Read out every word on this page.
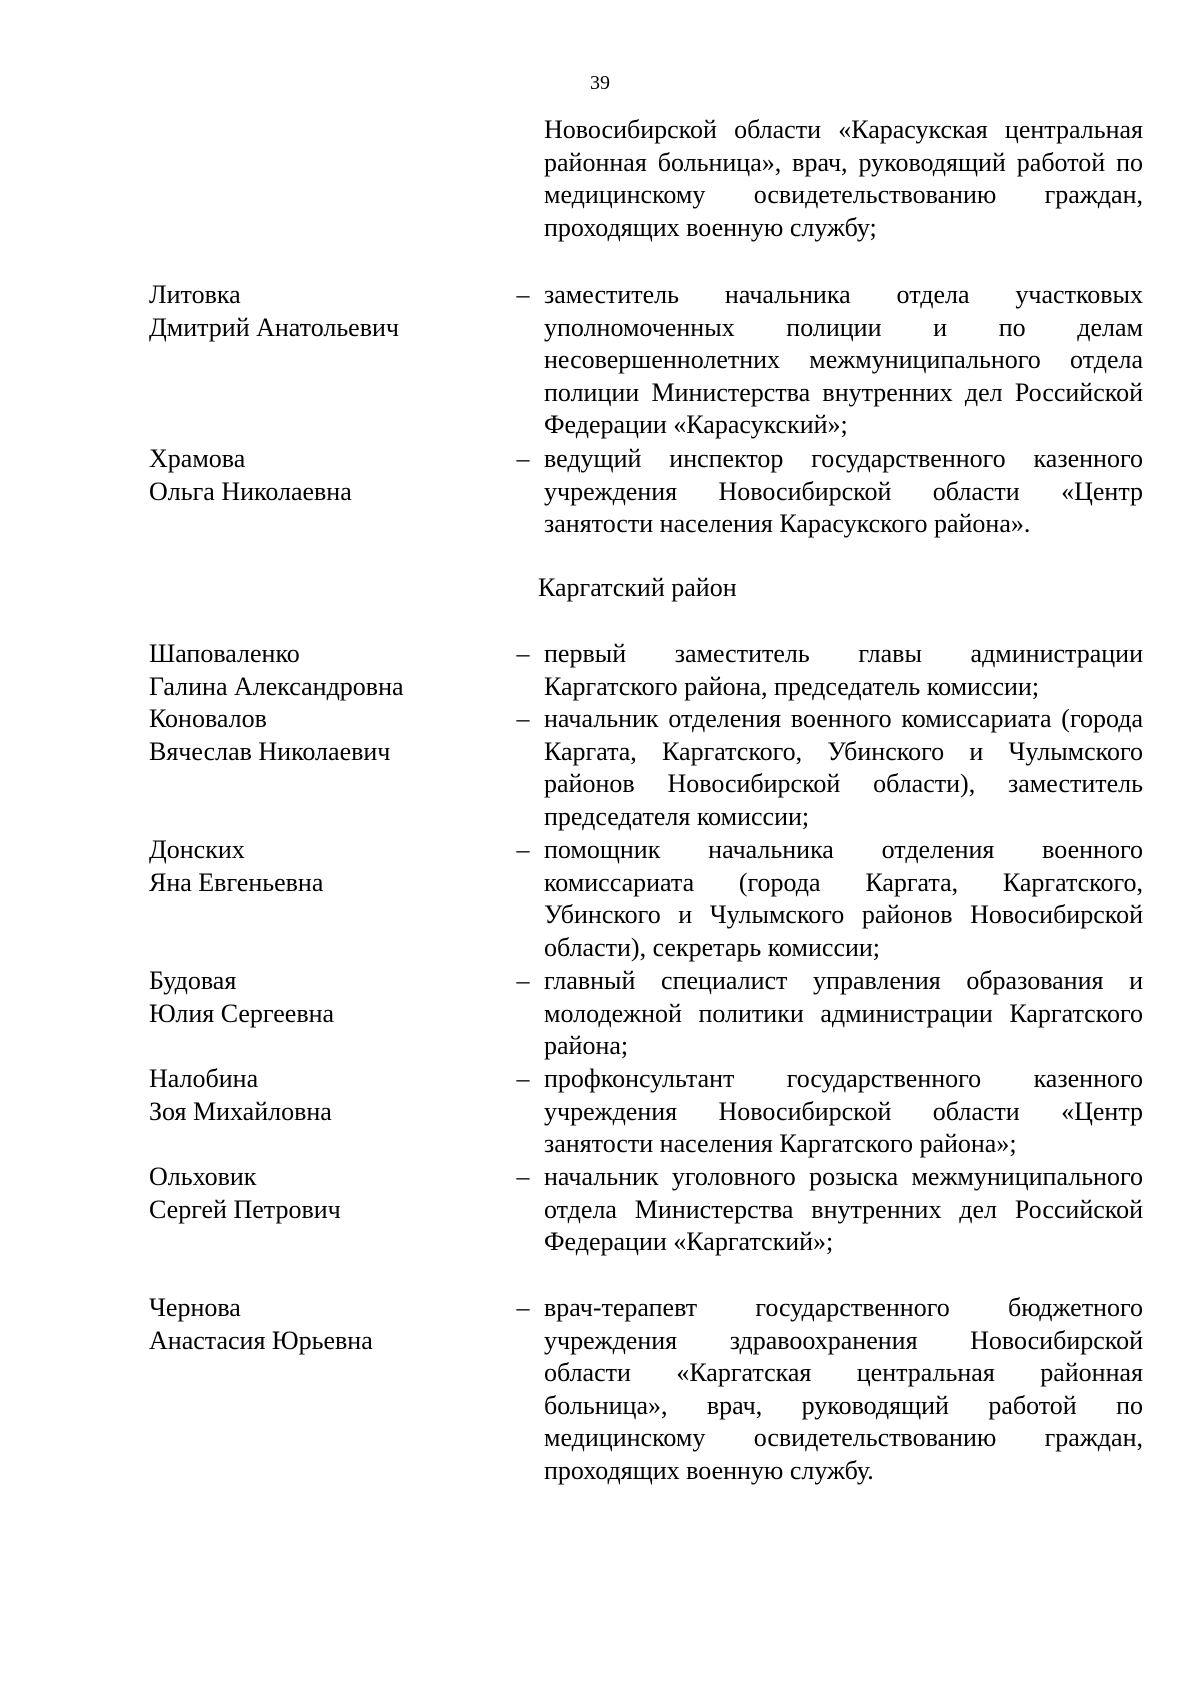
39
Новосибирской области «Карасукская центральная районная больница», врач, руководящий работой по медицинскому освидетельствованию граждан, проходящих военную службу;
Литовка
Дмитрий Анатольевич
– заместитель начальника отдела участковых уполномоченных полиции и по делам несовершеннолетних межмуниципального отдела полиции Министерства внутренних дел Российской Федерации «Карасукский»;
Храмова
Ольга Николаевна
– ведущий инспектор государственного казенного учреждения Новосибирской области «Центр занятости населения Карасукского района».
Каргатский район
Шаповаленко
Галина Александровна
– первый заместитель главы администрации Каргатского района, председатель комиссии;
Коновалов
Вячеслав Николаевич
– начальник отделения военного комиссариата (города Каргата, Каргатского, Убинского и Чулымского районов Новосибирской области), заместитель председателя комиссии;
Донских
Яна Евгеньевна
– помощник начальника отделения военного комиссариата (города Каргата, Каргатского, Убинского и Чулымского районов Новосибирской области), секретарь комиссии;
Будовая
Юлия Сергеевна
– главный специалист управления образования и молодежной политики администрации Каргатского района;
Налобина
Зоя Михайловна
– профконсультант государственного казенного учреждения Новосибирской области «Центр занятости населения Каргатского района»;
Ольховик
Сергей Петрович
– начальник уголовного розыска межмуниципального отдела Министерства внутренних дел Российской Федерации «Каргатский»;
Чернова
Анастасия Юрьевна
– врач-терапевт государственного бюджетного учреждения здравоохранения Новосибирской области «Каргатская центральная районная больница», врач, руководящий работой по медицинскому освидетельствованию граждан, проходящих военную службу.
